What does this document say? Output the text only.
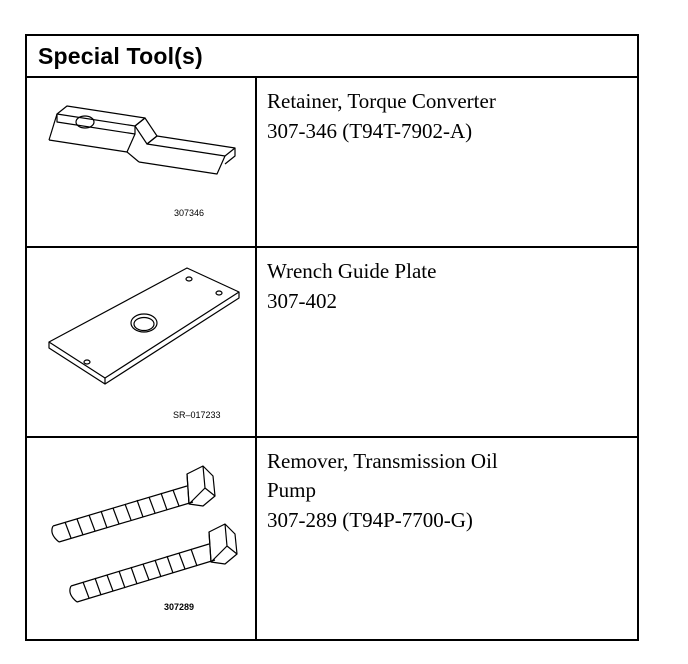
Special Tool(s)
307346
Retainer, Torque Converter
307-346 (T94T-7902-A)
SR–017233
Wrench Guide Plate
307-402
307289
Remover, Transmission Oil
Pump
307-289 (T94P-7700-G)
